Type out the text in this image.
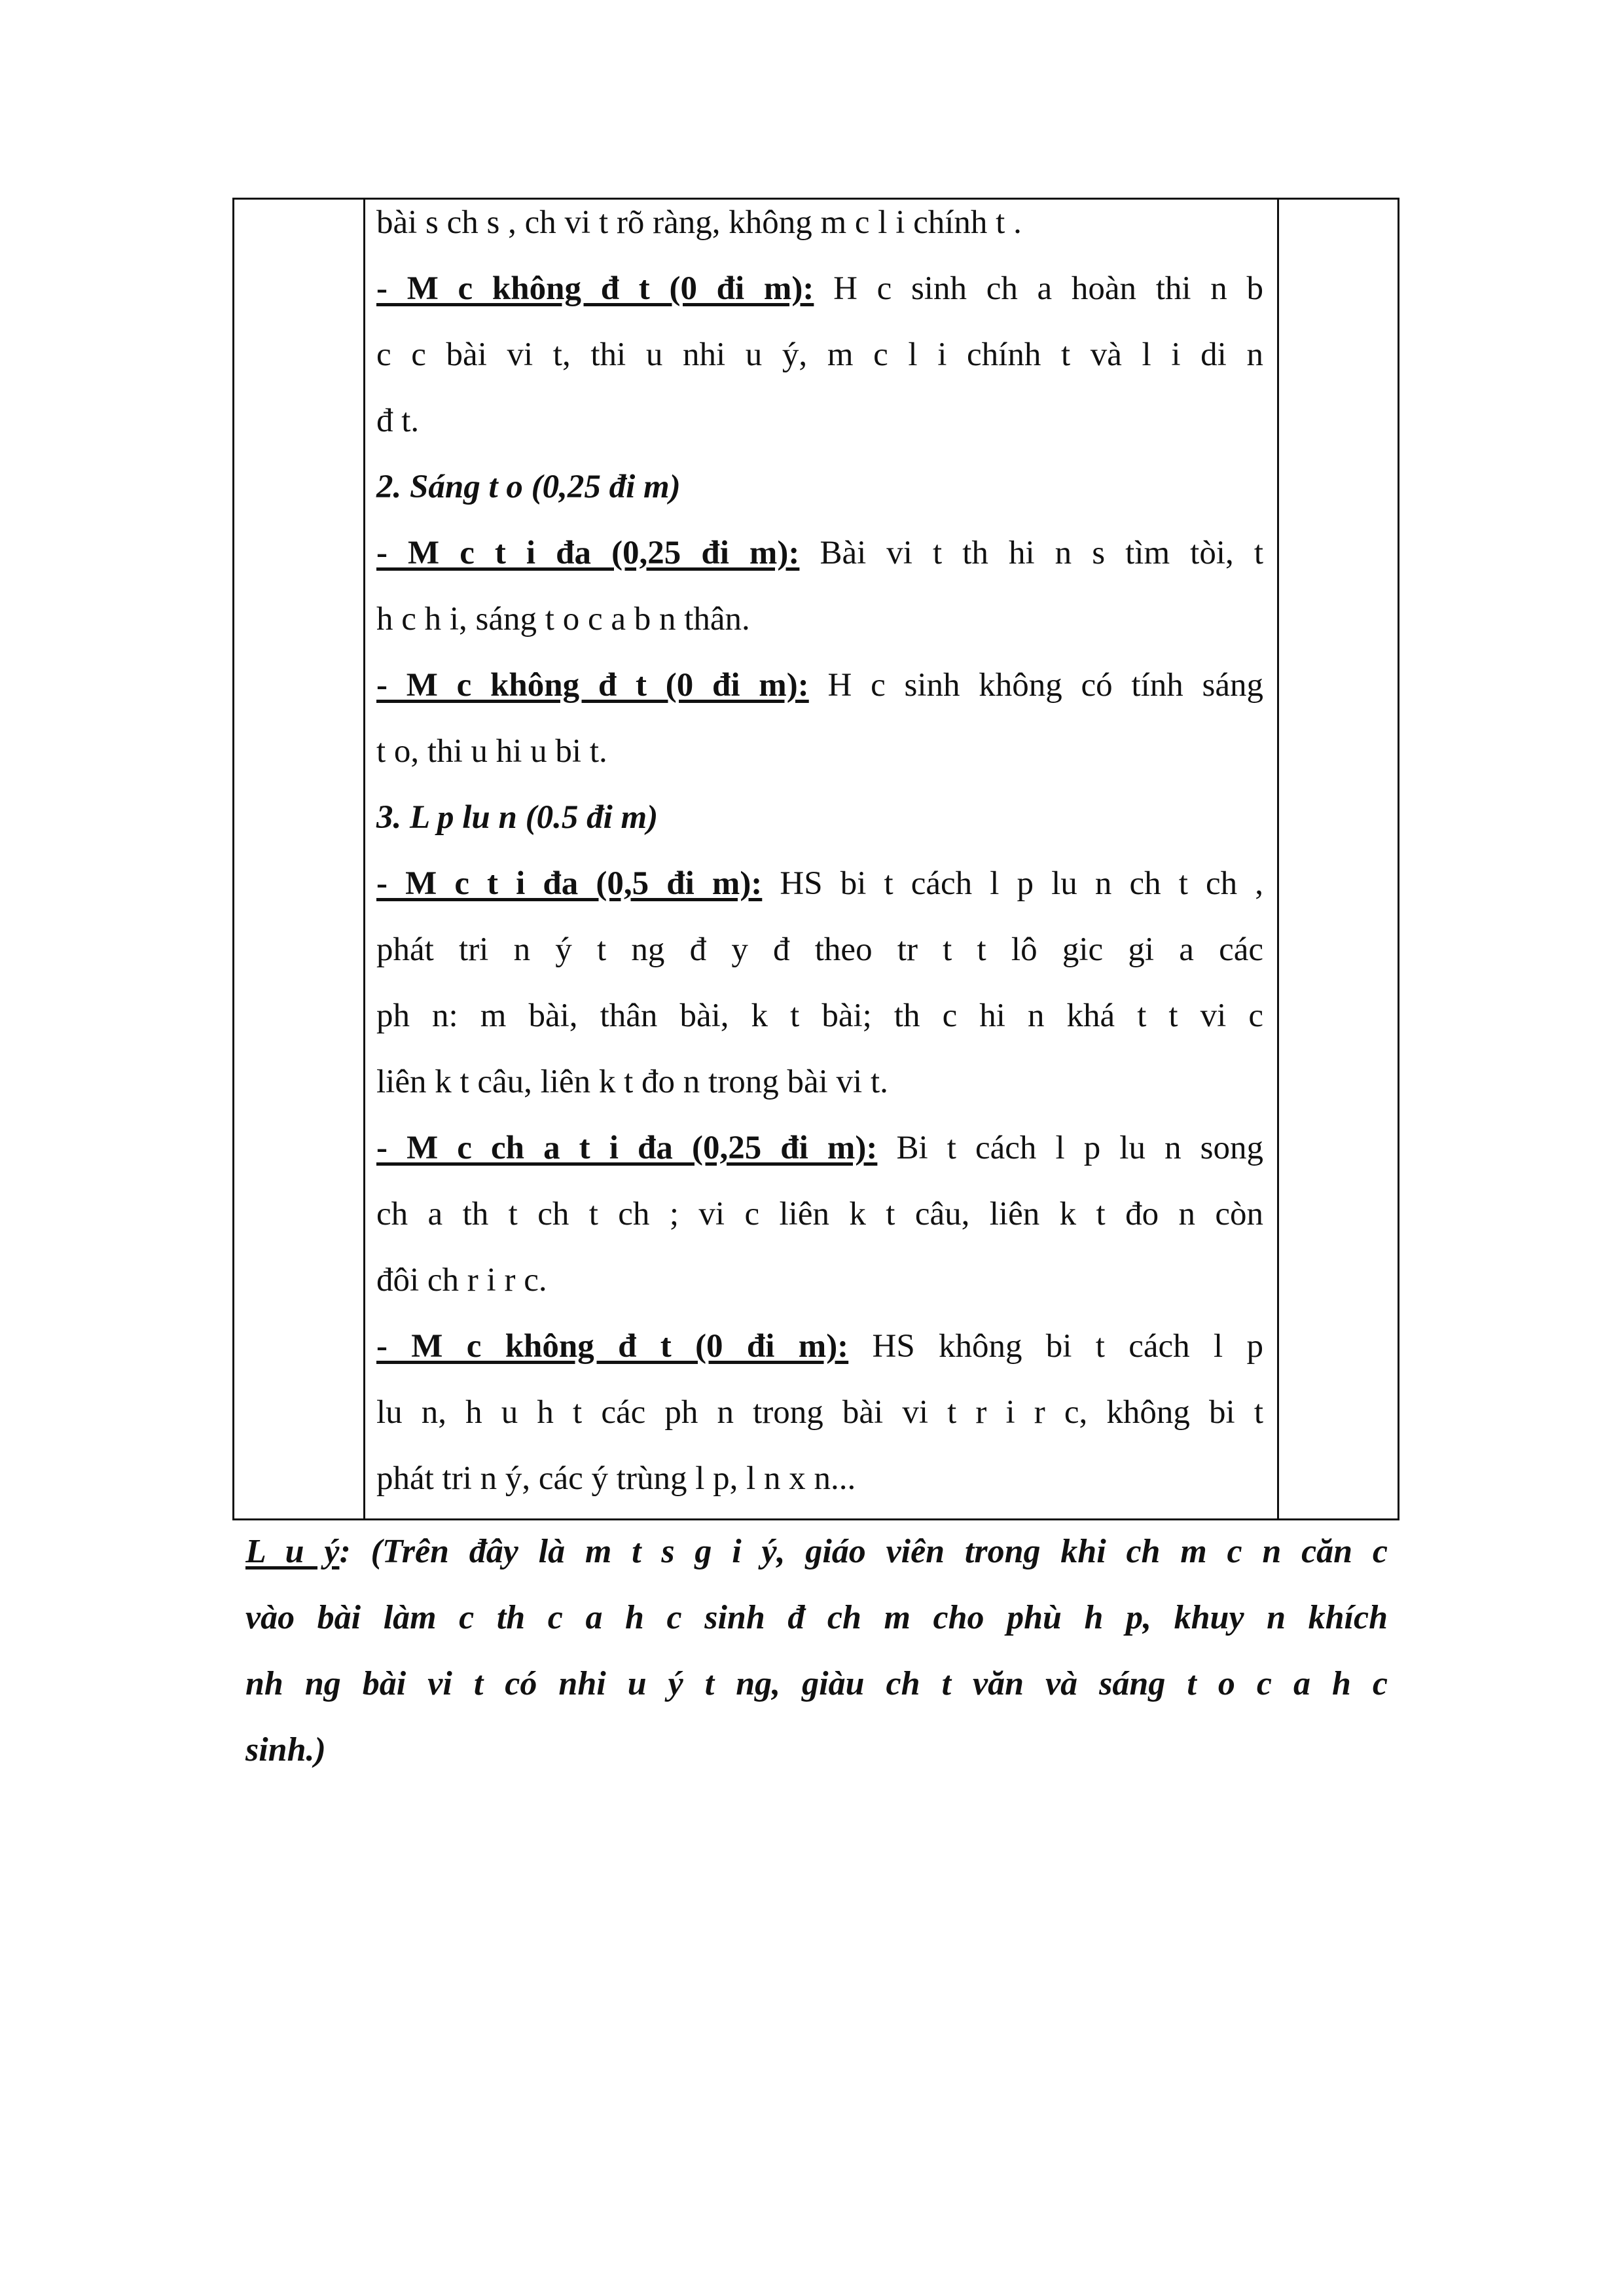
bài s ch s , ch vi t rõ ràng, không m c l i chính t .
- M c không đ t (0 đi m): H c sinh ch a hoàn thi n b
c c bài vi t, thi u nhi u ý, m c l i chính t và l i di n
đ t.
2. Sáng t o (0,25 đi m)
- M c t i đa (0,25 đi m): Bài vi t th hi n s tìm tòi, t
h c h i, sáng t o c a b n thân.
- M c không đ t (0 đi m): H c sinh không có tính sáng
t o, thi u hi u bi t.
3. L p lu n (0.5 đi m)
- M c t i đa (0,5 đi m): HS bi t cách l p lu n ch t ch ,
phát tri n ý t ng đ y đ theo tr t t lô gic gi a các
ph n: m bài, thân bài, k t bài; th c hi n khá t t vi c
liên k t câu, liên k t đo n trong bài vi t.
- M c ch a t i đa (0,25 đi m): Bi t cách l p lu n song
ch a th t ch t ch ; vi c liên k t câu, liên k t đo n còn
đôi ch r i r c.
- M c không đ t (0 đi m): HS không bi t cách l p
lu n, h u h t các ph n trong bài vi t r i r c, không bi t
phát tri n ý, các ý trùng l p, l n x n...
L u ý: (Trên đây là m t s g i ý, giáo viên trong khi ch m c n căn c
vào bài làm c th c a h c sinh đ ch m cho phù h p, khuy n khích
nh ng bài vi t có nhi u ý t ng, giàu ch t văn và sáng t o c a h c
sinh.)
